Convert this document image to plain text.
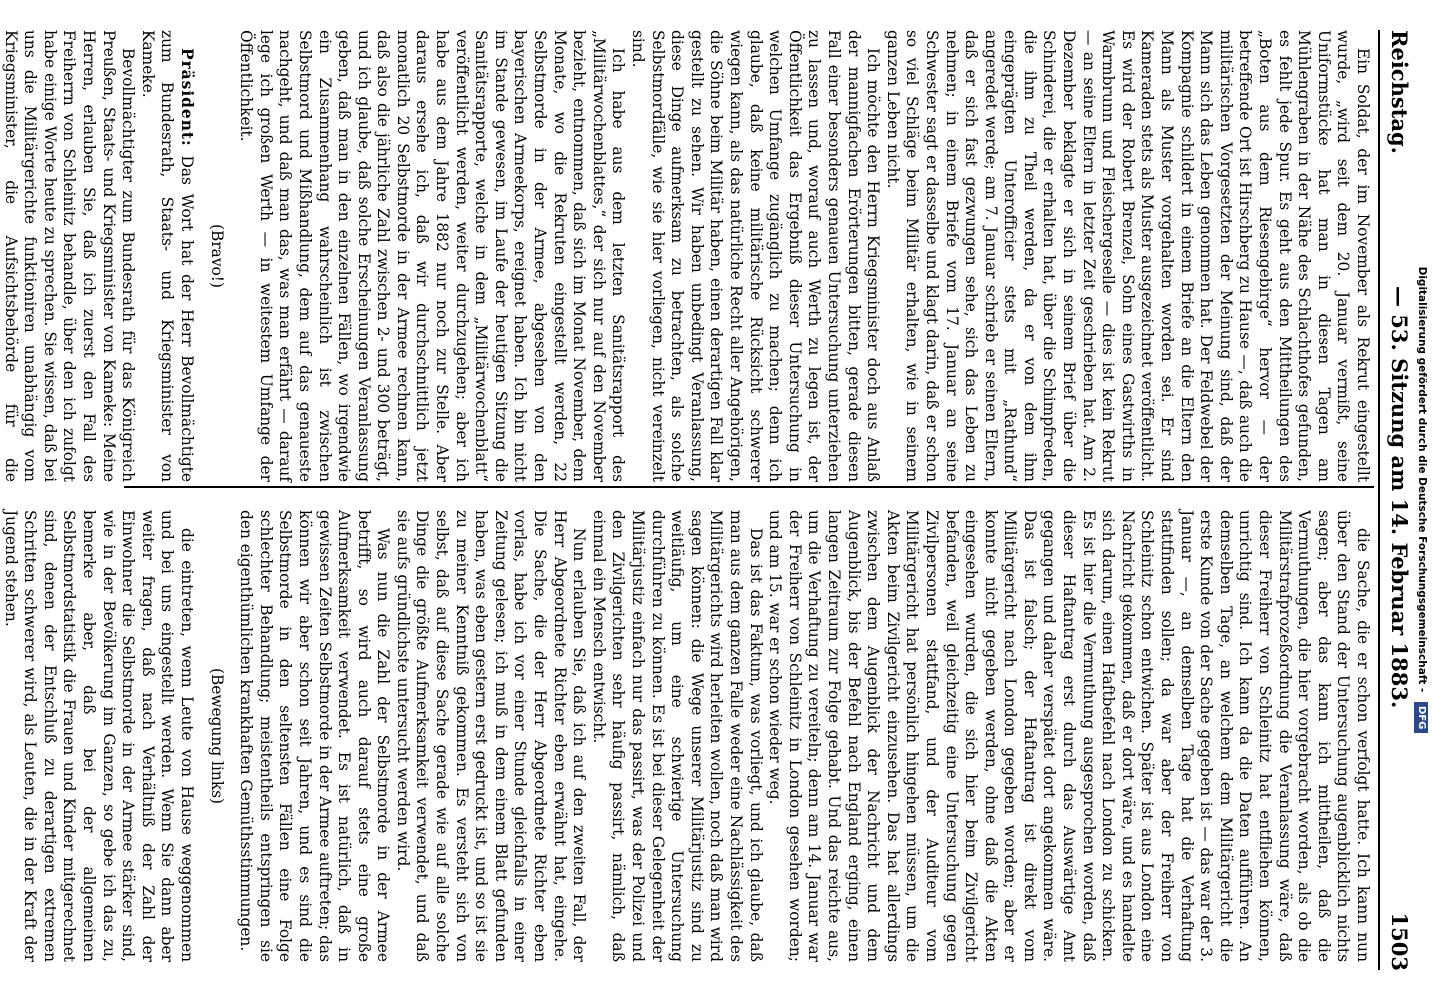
Reichstag.
— 53. Sitzung am 14. Februar 1883.
1503

Ein Soldat, der im November als Rekrut eingestellt wurde, „wird seit dem 20. Januar vermißt, seine Uniformstücke hat man in diesen Tagen am Mühlengraben in der Nähe des Schlachthofes gefunden, es fehlt jede Spur. Es geht aus den Mittheilungen des „Boten aus dem Riesengebirge“ hervor — der betreffende Ort ist Hirschberg zu Hause —, daß auch die militärischen Vorgesetzten der Meinung sind, daß der Mann sich das Leben genommen hat. Der Feldwebel der Kompagnie schildert in einem Briefe an die Eltern den Mann als Muster vorgehalten worden sei. Er sind Kameraden stets als Muster ausgezeichnet veröffentlicht. Es wird der Robert Brenzel, Sohn eines Gastwirths in Warmbrunn und Fleischergeselle — dies ist kein Rekrut — an seine Eltern in letzter Zeit geschrieben hat. Am 2. Dezember beklagte er sich in seinem Brief über die Schinderei, die er erhalten hat, über die Schimpfreden, die ihm zu Theil werden, da er von dem ihm eingeprägten Unterofficier stets mit „Rathund“ angeredet werde; am 7. Januar schrieb er seinen Eltern, daß er sich fast gezwungen sehe, sich das Leben zu nehmen; in einem Briefe vom 17. Januar an seine Schwester sagt er dasselbe und klagt darin, daß er schon so viel Schläge beim Militär erhalten, wie in seinem ganzen Leben nicht.

Ich möchte den Herrn Kriegsminister doch aus Anlaß der mannigfachen Erörterungen bitten, gerade diesen Fall einer besonders genauen Untersuchung unterziehen zu lassen und, worauf auch Werth zu legen ist, der Öffentlichkeit das Ergebniß dieser Untersuchung in welchen Umfange zugänglich zu machen; denn ich glaube, daß keine militärische Rücksicht schwerer wiegen kann, als das natürliche Recht aller Angehörigen, die Söhne beim Militär haben, einen derartigen Fall klar gestellt zu sehen. Wir haben unbedingt Veranlassung, diese Dinge aufmerksam zu betrachten, als solche Selbstmordfälle, wie sie hier vorliegen, nicht vereinzelt sind.

Ich habe aus dem letzten Sanitätsrapport des „Militärwochenblattes,“ der sich nur auf den November bezieht, entnommen, daß sich im Monat November, dem Monate, wo die Rekruten eingestellt werden, 22 Selbstmorde in der Armee, abgesehen von den bayerischen Armeekorps, ereignet haben. Ich bin nicht im Stande gewesen, im Laufe der heutigen Sitzung die Sanitätsrapporte, welche in dem „Militärwochenblatt“ veröffentlicht werden, weiter durchzugehen; aber ich habe aus dem Jahre 1882 nur noch zur Stelle. Aber daraus ersehe ich, daß wir durchschnittlich jetzt monatlich 20 Selbstmorde in der Armee rechnen kann, daß also die jährliche Zahl zwischen 2- und 300 beträgt, und ich glaube, daß solche Erscheinungen Veranlassung geben, daß man in den einzelnen Fällen, wo irgendwie ein Zusammenhang wahrscheinlich ist zwischen Selbstmord und Mißhandlung, dem auf das genaueste nachgeht, und daß man das, was man erfährt — darauf lege ich großen Werth — in weitestem Umfange der Öffentlichkeit.

(Bravo!)

Präsident: Das Wort hat der Herr Bevollmächtigte zum Bundesrath, Staats- und Kriegsminister von Kameke.

Bevollmächtigter zum Bundesrath für das Königreich Preußen, Staats- und Kriegsminister von Kameke: Meine Herren, erlauben Sie, daß ich zuerst den Fall des Freiherrn von Schleinitz behandle, über den ich zufolgt habe einige Worte heute zu sprechen. Sie wissen, daß bei uns die Militärgerichte funktioniren unabhängig vom Kriegsminister, die Aufsichtsbehörde für die

die Sache, die er schon verfolgt hatte. Ich kann nun über den Stand der Untersuchung augenblicklich nichts sagen; aber das kann ich mittheilen, daß die Vermuthungen, die hier vorgebracht worden, als ob die Militärstrafprozeßordnung die Veranlassung wäre, daß dieser Freiherr von Schleinitz hat entfliehen können, unrichtig sind. Ich kann da die Daten aufführen. An demselben Tage, an welchem dem Militärgericht die erste Kunde von der Sache gegeben ist — das war der 3. Januar —, an demselben Tage hat die Verhaftung stattfinden sollen; da war aber der Freiherr von Schleinitz schon entwichen. Später ist aus London eine Nachricht gekommen, daß er dort wäre, und es handelte sich darum, einen Haftbefehl nach London zu schicken. Es ist hier die Vermuthung ausgesprochen worden, daß dieser Haftantrag erst durch das Auswärtige Amt gegangen und daher verspätet dort angekommen wäre. Das ist falsch; der Haftantrag ist direkt vom Militärgericht nach London gegeben worden; aber er konnte nicht gegeben werden, ohne daß die Akten eingesehen wurden, die sich hier beim Zivilgericht befanden, weil gleichzeitig eine Untersuchung gegen Zivilpersonen stattfand, und der Auditeur vom Militärgericht hat persönlich hingehen müssen, um die Akten beim Zivilgericht einzusehen. Das hat allerdings zwischen dem Augenblick der Nachricht und dem Augenblick, bis der Befehl nach England erging, einen langen Zeitraum zur Folge gehabt. Und das reichte aus, um die Verhaftung zu vereiteln; denn am 14. Januar war der Freiherr von Schleinitz in London gesehen worden; und am 15. war er schon wieder weg.

Das ist das Faktum, was vorliegt, und ich glaube, daß man aus dem ganzen Falle weder eine Nachlässigkeit des Militärgerichts wird herleiten wollen, noch daß man wird sagen können: die Wege unserer Militärjustiz sind zu weitläufig, um eine schwierige Untersuchung durchführen zu können. Es ist bei dieser Gelegenheit der Militärjustiz einfach nur das passirt, was der Polizei und den Zivilgerichten sehr häufig passirt, nämlich, daß einmal ein Mensch entwischt.

Nun erlauben Sie, daß ich auf den zweiten Fall, der Herr Abgeordnete Richter eben erwähnt hat, eingehe. Die Sache, die der Herr Abgeordnete Richter eben vorlas, habe ich vor einer Stunde gleichfalls in einer Zeitung gelesen; ich muß in dem einem Blatt gefunden haben, was eben gestern erst gedruckt ist, und so ist sie zu meiner Kenntniß gekommen. Es versteht sich von selbst, daß auf diese Sache gerade wie auf alle solche Dinge die größte Aufmerksamkeit verwendet, und daß sie aufs gründlichste untersucht werden wird.

Was nun die Zahl der Selbstmorde in der Armee betrifft, so wird auch darauf stets eine große Aufmerksamkeit verwendet. Es ist natürlich, daß in gewissen Zeiten Selbstmorde in der Armee auftreten; das können wir aber schon seit Jahren, und es sind die Selbstmorde in den seltensten Fällen eine Folge schlechter Behandlung; meistentheils entspringen sie den eigenthümlichen krankhaften Gemüthsstimmungen.

(Bewegung links)

die eintreten, wenn Leute von Hause weggenommen und bei uns eingestellt werden. Wenn Sie dann aber weiter fragen, daß nach Verhältniß der Zahl der Einwohner die Selbstmorde in der Armee stärker sind, wie in der Bevölkerung im Ganzen, so gebe ich das zu, bemerke aber, daß bei der allgemeinen Selbstmordstatistik die Frauen und Kinder mitgerechnet sind, denen der Entschluß zu derartigen extremen Schritten schwerer wird, als Leuten, die in der Kraft der Jugend stehen.	Digitalisierung gefördert durch die Deutsche Forschungsgemeinschaft - DFG
